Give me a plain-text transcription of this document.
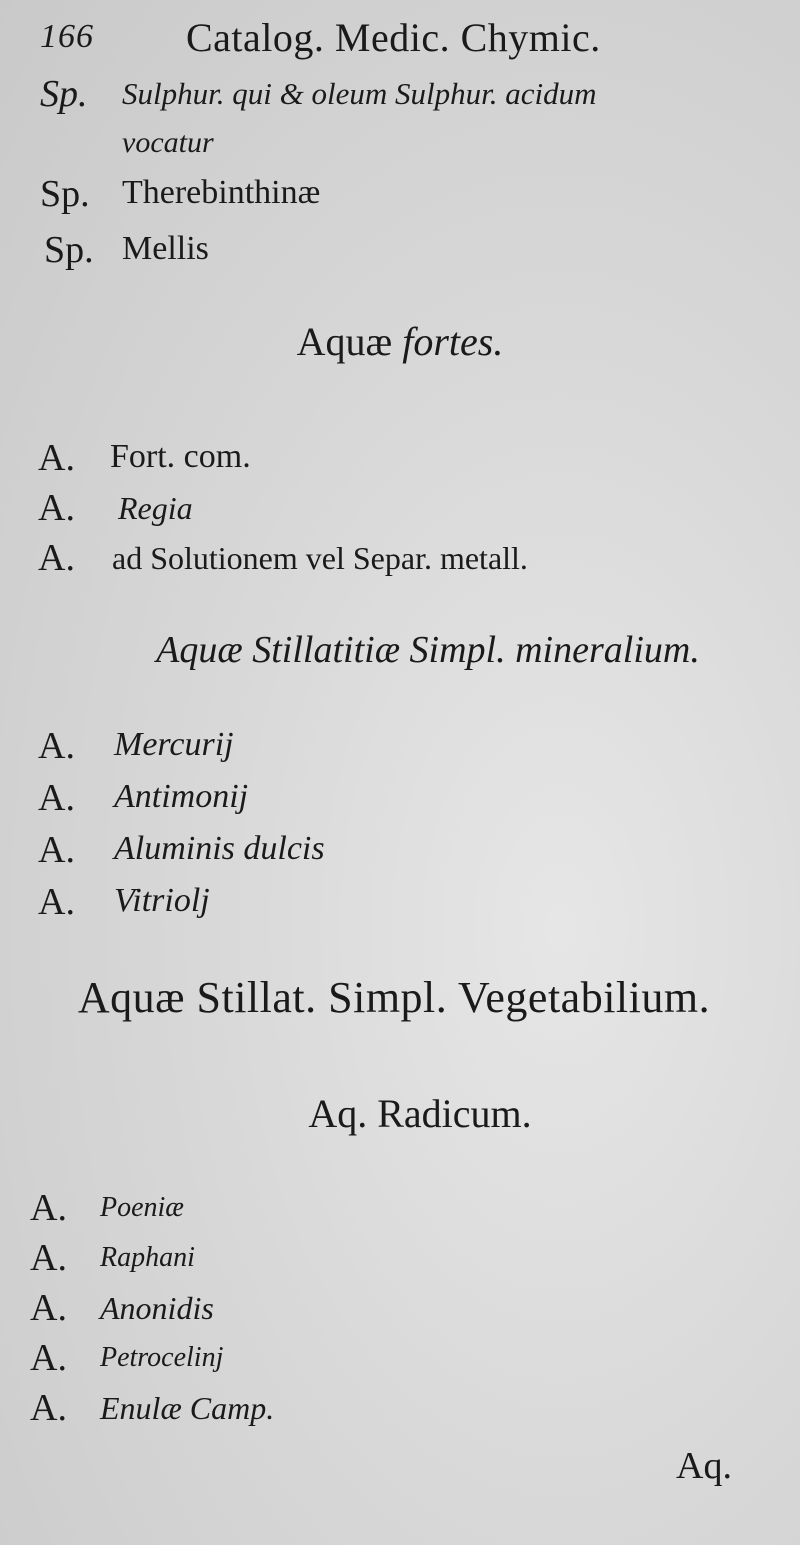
166 Catalog. Medic. Chymic.
Sp. Sulphur. qui & oleum Sulphur. acidum
vocatur
Sp. Therebinthinæ
Sp. Mellis
Aquæ fortes.
A. Fort. com.
A. Regia
A. ad Solutionem vel Separ. metall.
Aquæ Stillatitiæ Simpl. mineralium.
A. Mercurij
A. Antimonij
A. Aluminis dulcis
A. Vitriolj
Aquæ Stillat. Simpl. Vegetabilium.
Aq. Radicum.
A. Poeniæ
A. Raphani
A. Anonidis
A. Petrocelinj
A. Enulæ Camp.
Aq.
